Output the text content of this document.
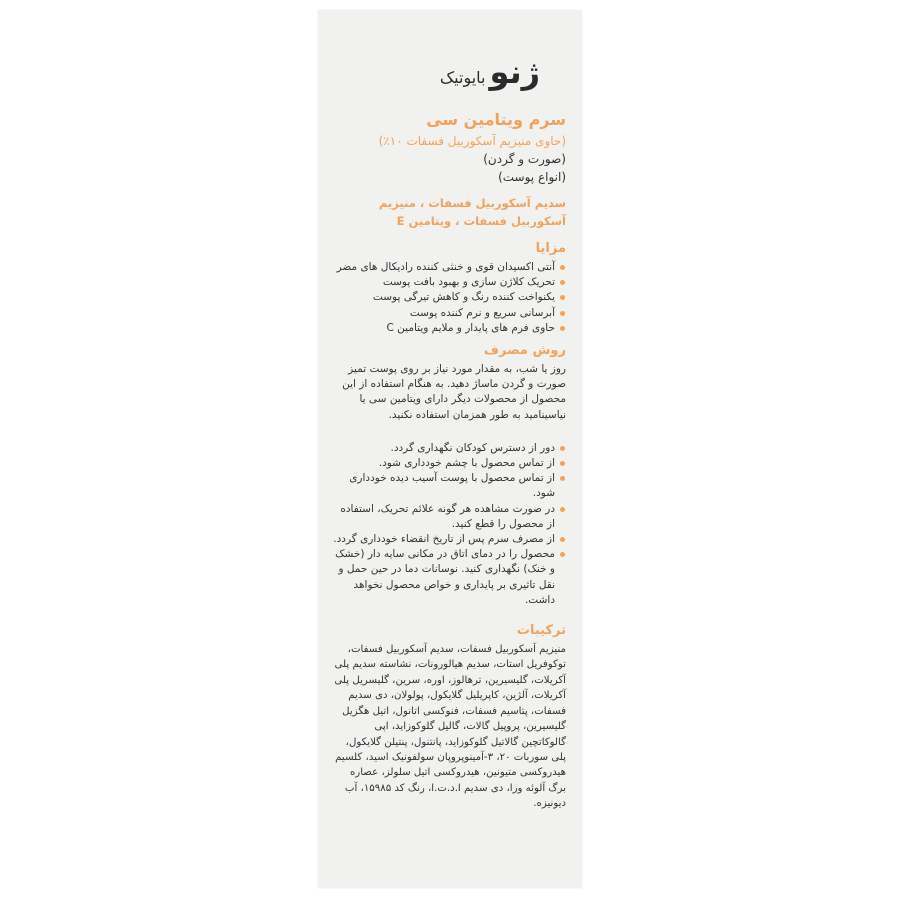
ژنو
بایوتیک
سرم ویتامین سی

(حاوی منیزیم آسکوربیل فسفات ۱۰٪)

(صورت و گردن)

(انواع پوست)

سدیم آسکوربیل فسفات ، منیزیم آسکوربیل فسفات ، ویتامین E

مزایا
آنتی اکسیدان قوی و خنثی کننده رادیکال های مضر
تحریک کلاژن سازی و بهبود بافت پوست
یکنواخت کننده رنگ و کاهش تیرگی پوست
آبرسانی سریع و نرم کننده پوست
حاوی فرم های پایدار و ملایم ویتامین C
روش مصرف

روز یا شب، به مقدار مورد نیاز بر روی پوست تمیز صورت و گردن ماساژ دهید. به هنگام استفاده از این محصول از محصولات دیگر دارای ویتامین سی یا نیاسینامید به طور همزمان استفاده نکنید.

دور از دسترس کودکان نگهداری گردد.
از تماس محصول با چشم خودداری شود.
از تماس محصول با پوست آسیب دیده خودداری شود.
در صورت مشاهده هر گونه علائم تحریک، استفاده از محصول را قطع کنید.
از مصرف سرم پس از تاریخ انقضاء خودداری گردد.
محصول را در دمای اتاق در مکانی سایه دار (خشک و خنک) نگهداری کنید. نوسانات دما در حین حمل و نقل تاثیری بر پایداری و خواص محصول نخواهد داشت.
ترکیبات

منیزیم آسکوربیل فسفات، سدیم آسکوربیل فسفات، توکوفریل استات، سدیم هیالورونات، نشاسته سدیم پلی آکریلات، گلیسیرین، ترهالوز، اوره، سرین، گلیسریل پلی آکریلات، آلژین، کاپریلیل گلایکول، پولولان، دی سدیم فسفات، پتاسیم فسفات، فنوکسی اتانول، اتیل هگزیل گلیسیرین، پروپیل گالات، گالیل گلوکوزاید، اپی گالوکاتچین گالاتیل گلوکوزاید، پانتنول، پنتیلن گلایکول، پلی سوربات ۲۰، ۳-آمینوپروپان سولفونیک اسید، کلسیم هیدروکسی متیونین، هیدروکسی اتیل سلولز، عصاره برگ آلوئه ورا، دی سدیم ا.د.ت.ا، رنگ کد ۱۵۹۸۵، آب دیونیزه.
